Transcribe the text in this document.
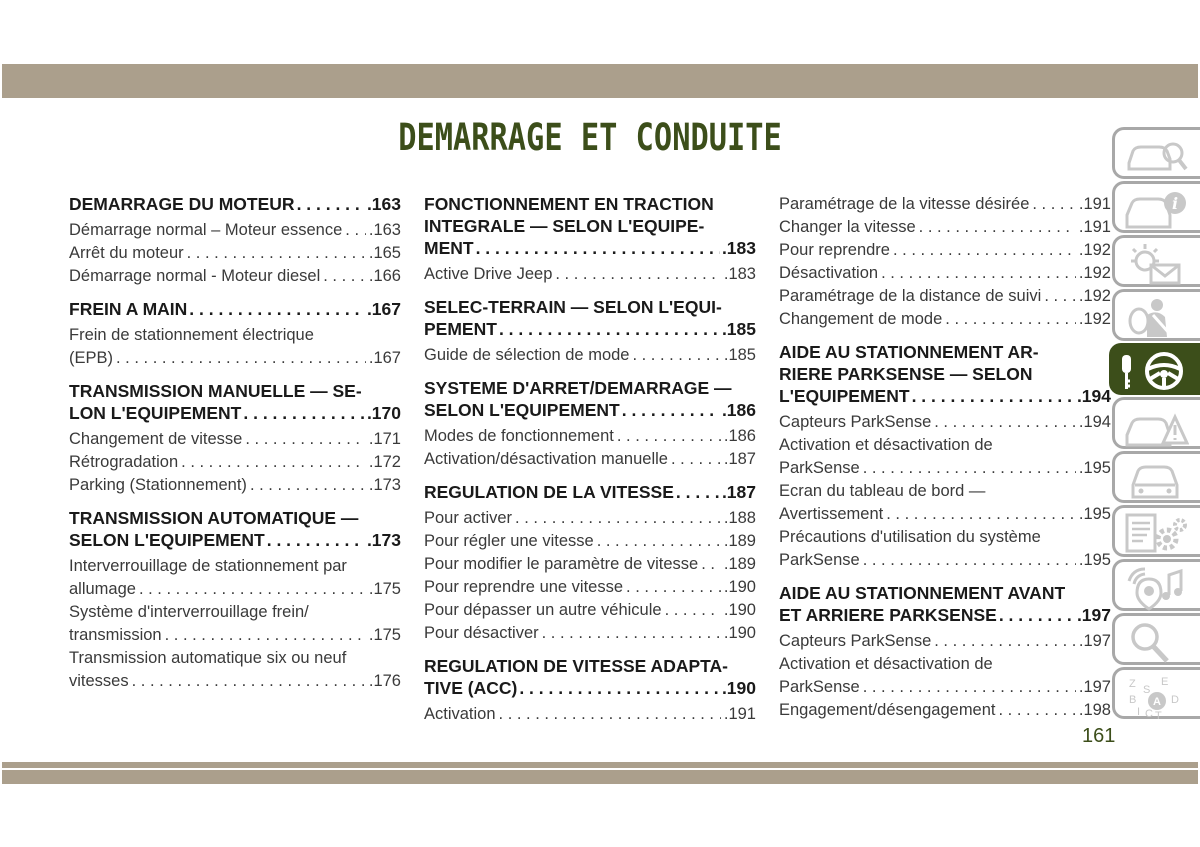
DEMARRAGE ET CONDUITE
DEMARRAGE DU MOTEUR . . .	.163
Démarrage normal – Moteur essence . . . .163
Arrêt du moteur . . .	.165
Démarrage normal - Moteur diesel . . .	.166
FREIN A MAIN . . .	.167
Frein de stationnement électrique
(EPB) . . .	.167
TRANSMISSION MANUELLE — SE-
LON L'EQUIPEMENT . . .	.170
Changement de vitesse . . .	.171
Rétrogradation . . .	.172
Parking (Stationnement) . . .	.173
TRANSMISSION AUTOMATIQUE —
SELON L'EQUIPEMENT . . .	.173
Interverrouillage de stationnement par
allumage . . .	.175
Système d'interverrouillage frein/
transmission . . .	.175
Transmission automatique six ou neuf
vitesses . . .	.176
FONCTIONNEMENT EN TRACTION
INTEGRALE — SELON L'EQUIPE-
MENT . . .	.183
Active Drive Jeep . . .	.183
SELEC-TERRAIN — SELON L'EQUI-
PEMENT . . .	.185
Guide de sélection de mode . . .	.185
SYSTEME D'ARRET/DEMARRAGE —
SELON L'EQUIPEMENT . . .	.186
Modes de fonctionnement . . .	.186
Activation/désactivation manuelle . . .	.187
REGULATION DE LA VITESSE . . .	.187
Pour activer . . .	.188
Pour régler une vitesse . . .	.189
Pour modifier le paramètre de vitesse . . . .189
Pour reprendre une vitesse . . .	.190
Pour dépasser un autre véhicule . . .	.190
Pour désactiver . . .	.190
REGULATION DE VITESSE ADAPTA-
TIVE (ACC) . . .	.190
Activation . . .	.191
Paramétrage de la vitesse désirée . . .	.191
Changer la vitesse . . .	.191
Pour reprendre . . .	.192
Désactivation . . .	.192
Paramétrage de la distance de suivi . . . .192
Changement de mode . . .	.192
AIDE AU STATIONNEMENT AR-
RIERE PARKSENSE — SELON
L'EQUIPEMENT . . .	.194
Capteurs ParkSense . . .	.194
Activation et désactivation de
ParkSense . . .	.195
Ecran du tableau de bord —
Avertissement . . .	.195
Précautions d'utilisation du système
ParkSense . . .	.195
AIDE AU STATIONNEMENT AVANT
ET ARRIERE PARKSENSE . . .	.197
Capteurs ParkSense . . .	.197
Activation et désactivation de
ParkSense . . .	.197
Engagement/désengagement . . .	.198
i
Z E
S
B	D
I C T
A
161
